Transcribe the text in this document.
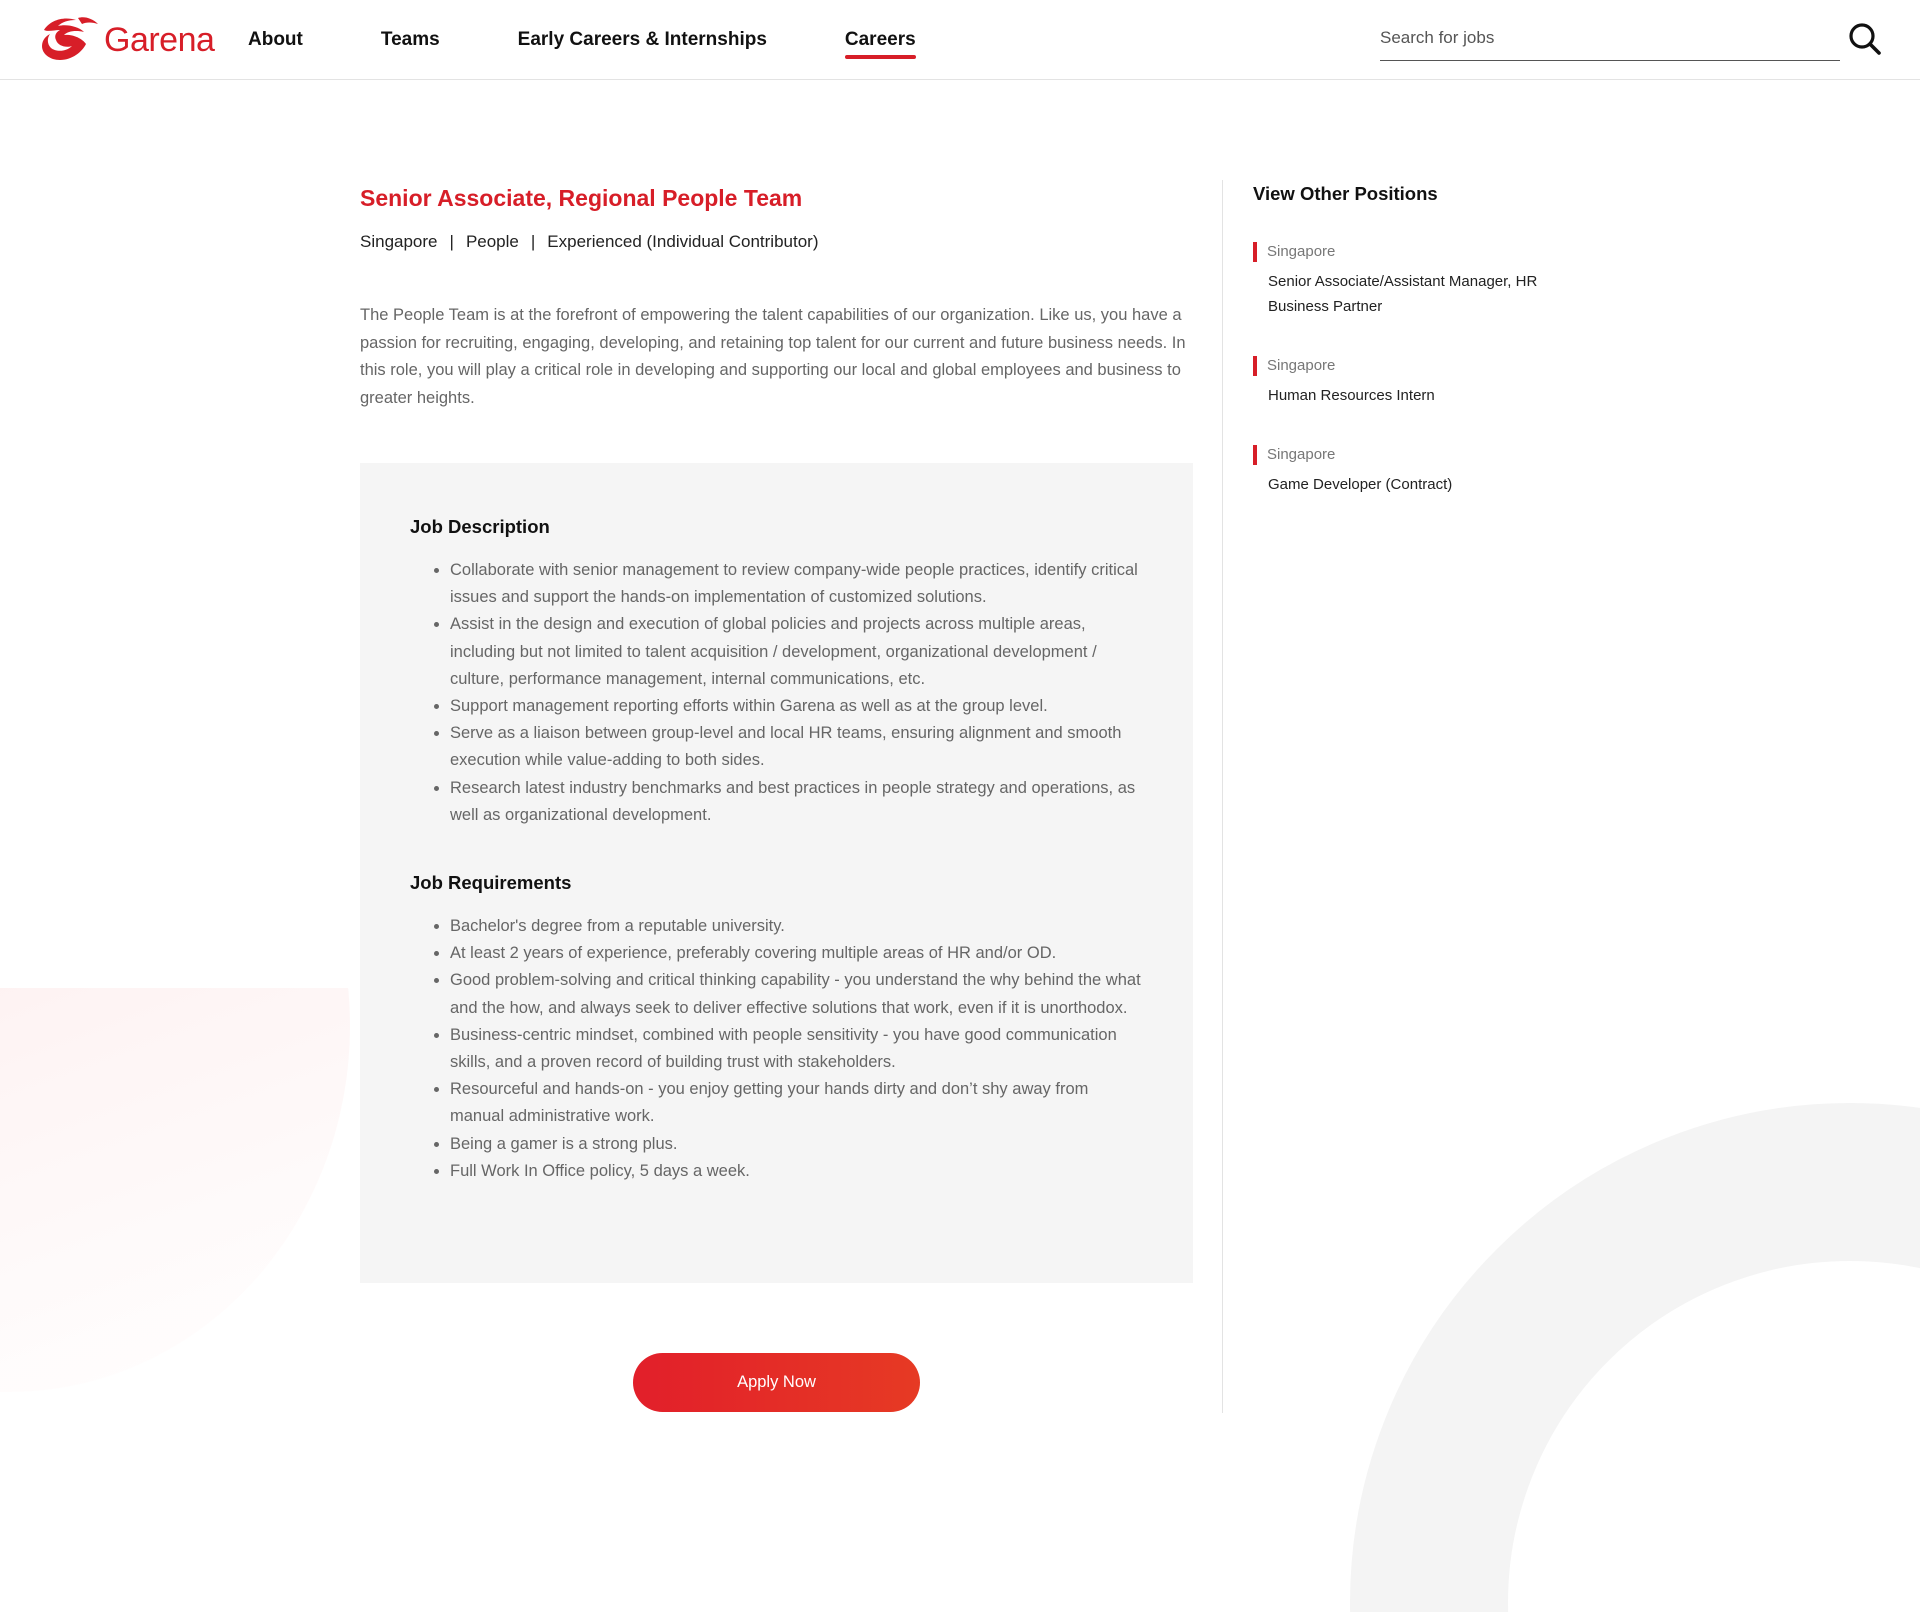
Garena About	Teams	Early Careers & Internships	Careers
Search for jobs
Senior Associate, Regional People Team
Singapore | People | Experienced (Individual Contributor)

The People Team is at the forefront of empowering the talent capabilities of our organization. Like us, you have a passion for recruiting, engaging, developing, and retaining top talent for our current and future business needs. In this role, you will play a critical role in developing and supporting our local and global employees and business to greater heights.

Job Description
• Collaborate with senior management to review company-wide people practices, identify critical issues and support the hands-on implementation of customized solutions.
• Assist in the design and execution of global policies and projects across multiple areas, including but not limited to talent acquisition / development, organizational development / culture, performance management, internal communications, etc.
• Support management reporting efforts within Garena as well as at the group level.
• Serve as a liaison between group-level and local HR teams, ensuring alignment and smooth execution while value-adding to both sides.
• Research latest industry benchmarks and best practices in people strategy and operations, as well as organizational development.
Job Requirements
• Bachelor's degree from a reputable university.
• At least 2 years of experience, preferably covering multiple areas of HR and/or OD.
• Good problem-solving and critical thinking capability - you understand the why behind the what and the how, and always seek to deliver effective solutions that work, even if it is unorthodox.
• Business-centric mindset, combined with people sensitivity - you have good communication skills, and a proven record of building trust with stakeholders.
• Resourceful and hands-on - you enjoy getting your hands dirty and don’t shy away from manual administrative work.
• Being a gamer is a strong plus.
• Full Work In Office policy, 5 days a week.
Apply Now
View Other Positions
Singapore
Senior Associate/Assistant Manager, HR Business Partner
Singapore
Human Resources Intern
Singapore
Game Developer (Contract)
